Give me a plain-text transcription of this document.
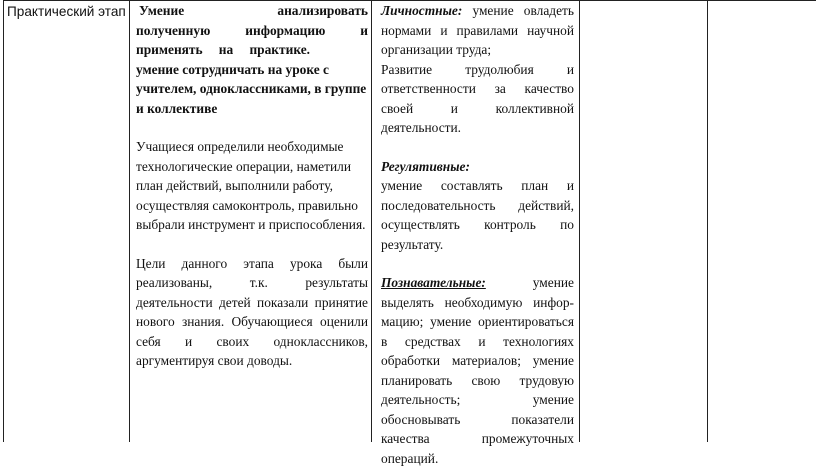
Практический этап Умение анализировать
полученную информацию и
применять на практике.
умение сотрудничать на уроке с
учителем, одноклассниками, в группе
и коллективе
Учащиеся определили необходимые
технологические операции, наметили
план действий, выполнили работу,
осуществляя самоконтроль, правильно
выбрали инструмент и приспособления.
Цели данного этапа урока были
реализованы, т.к. результаты
деятельности детей показали принятие
нового знания. Обучающиеся оценили
себя и своих одноклассников,
аргументируя свои доводы.
Личностные: умение овладеть
нормами и правилами научной
организации труда;
Развитие трудолюбия и
ответственности за качество
своей и коллективной
деятельности.
Регулятивные:
умение составлять план и
последовательность действий,
осуществлять контроль по
результату.
Познавательные:	умение
выделять необходимую инфор-
мацию; умение ориентироваться
в средствах и технологиях
обработки материалов; умение
планировать свою трудовую
деятельность; умение
обосновывать показатели
качества промежуточных
операций.
